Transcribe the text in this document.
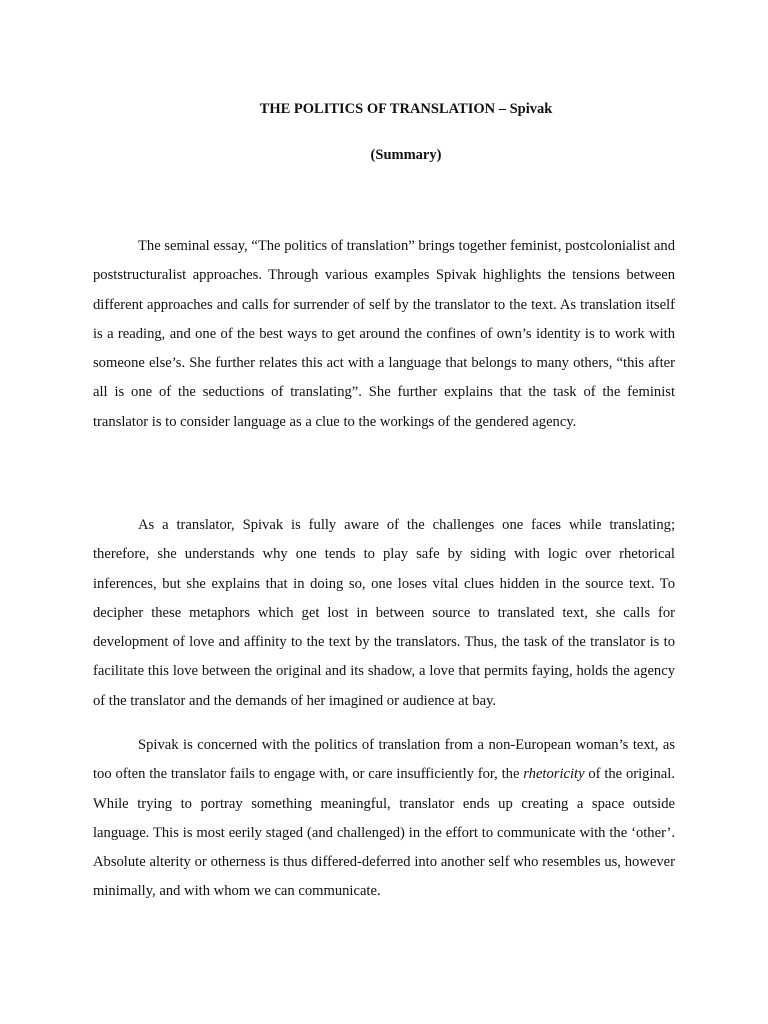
THE POLITICS OF TRANSLATION – Spivak
(Summary)

The seminal essay, “The politics of translation” brings together feminist, postcolonialist and poststructuralist approaches. Through various examples Spivak highlights the tensions between different approaches and calls for surrender of self by the translator to the text. As translation itself is a reading, and one of the best ways to get around the confines of own’s identity is to work with someone else’s. She further relates this act with a language that belongs to many others, “this after all is one of the seductions of translating”. She further explains that the task of the feminist translator is to consider language as a clue to the workings of the gendered agency.

As a translator, Spivak is fully aware of the challenges one faces while translating; therefore, she understands why one tends to play safe by siding with logic over rhetorical inferences, but she explains that in doing so, one loses vital clues hidden in the source text. To decipher these metaphors which get lost in between source to translated text, she calls for development of love and affinity to the text by the translators. Thus, the task of the translator is to facilitate this love between the original and its shadow, a love that permits faying, holds the agency of the translator and the demands of her imagined or audience at bay.

Spivak is concerned with the politics of translation from a non-European woman’s text, as too often the translator fails to engage with, or care insufficiently for, the rhetoricity of the original. While trying to portray something meaningful, translator ends up creating a space outside language. This is most eerily staged (and challenged) in the effort to communicate with the ‘other’. Absolute alterity or otherness is thus differed-deferred into another self who resembles us, however minimally, and with whom we can communicate.
